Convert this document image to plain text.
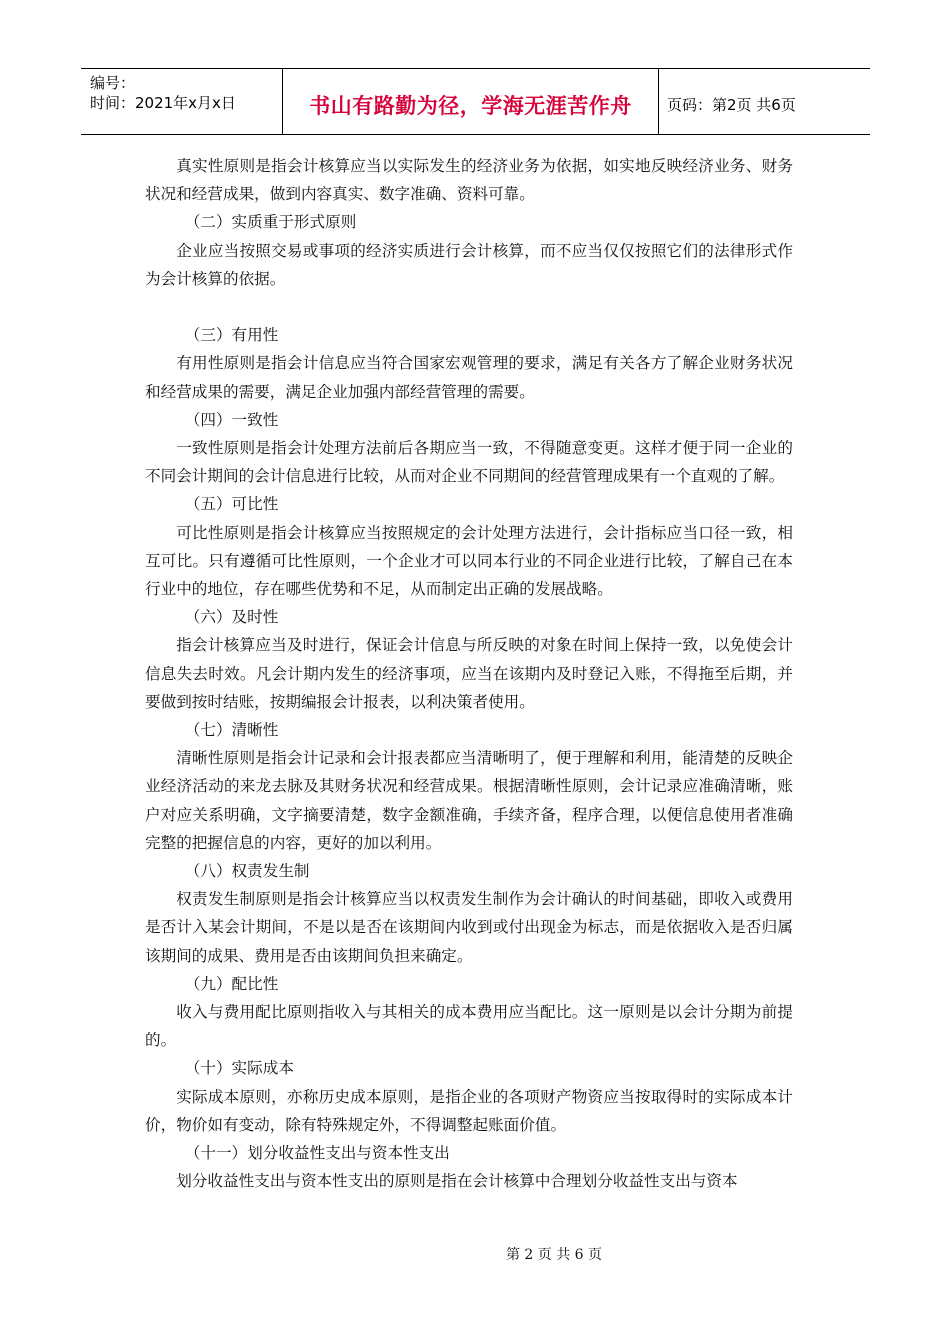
编号：
时间：2021年x月x日	书山有路勤为径，学海无涯苦作舟 页码：第2页 共6页

真实性原则是指会计核算应当以实际发生的经济业务为依据，如实地反映经济业务、财务状况和经营成果，做到内容真实、数字准确、资料可靠。

（二）实质重于形式原则

企业应当按照交易或事项的经济实质进行会计核算，而不应当仅仅按照它们的法律形式作为会计核算的依据。

（三）有用性

有用性原则是指会计信息应当符合国家宏观管理的要求，满足有关各方了解企业财务状况和经营成果的需要，满足企业加强内部经营管理的需要。

（四）一致性

一致性原则是指会计处理方法前后各期应当一致，不得随意变更。这样才便于同一企业的不同会计期间的会计信息进行比较，从而对企业不同期间的经营管理成果有一个直观的了解。

（五）可比性

可比性原则是指会计核算应当按照规定的会计处理方法进行，会计指标应当口径一致，相互可比。只有遵循可比性原则，一个企业才可以同本行业的不同企业进行比较，了解自己在本行业中的地位，存在哪些优势和不足，从而制定出正确的发展战略。

（六）及时性

指会计核算应当及时进行，保证会计信息与所反映的对象在时间上保持一致，以免使会计信息失去时效。凡会计期内发生的经济事项，应当在该期内及时登记入账，不得拖至后期，并要做到按时结账，按期编报会计报表，以利决策者使用。

（七）清晰性

清晰性原则是指会计记录和会计报表都应当清晰明了，便于理解和利用，能清楚的反映企业经济活动的来龙去脉及其财务状况和经营成果。根据清晰性原则，会计记录应准确清晰，账户对应关系明确，文字摘要清楚，数字金额准确，手续齐备，程序合理，以便信息使用者准确完整的把握信息的内容，更好的加以利用。

（八）权责发生制

权责发生制原则是指会计核算应当以权责发生制作为会计确认的时间基础，即收入或费用是否计入某会计期间，不是以是否在该期间内收到或付出现金为标志，而是依据收入是否归属该期间的成果、费用是否由该期间负担来确定。

（九）配比性

收入与费用配比原则指收入与其相关的成本费用应当配比。这一原则是以会计分期为前提的。

（十）实际成本

实际成本原则，亦称历史成本原则，是指企业的各项财产物资应当按取得时的实际成本计价，物价如有变动，除有特殊规定外，不得调整起账面价值。

（十一）划分收益性支出与资本性支出

划分收益性支出与资本性支出的原则是指在会计核算中合理划分收益性支出与资本

第 2 页 共 6 页
